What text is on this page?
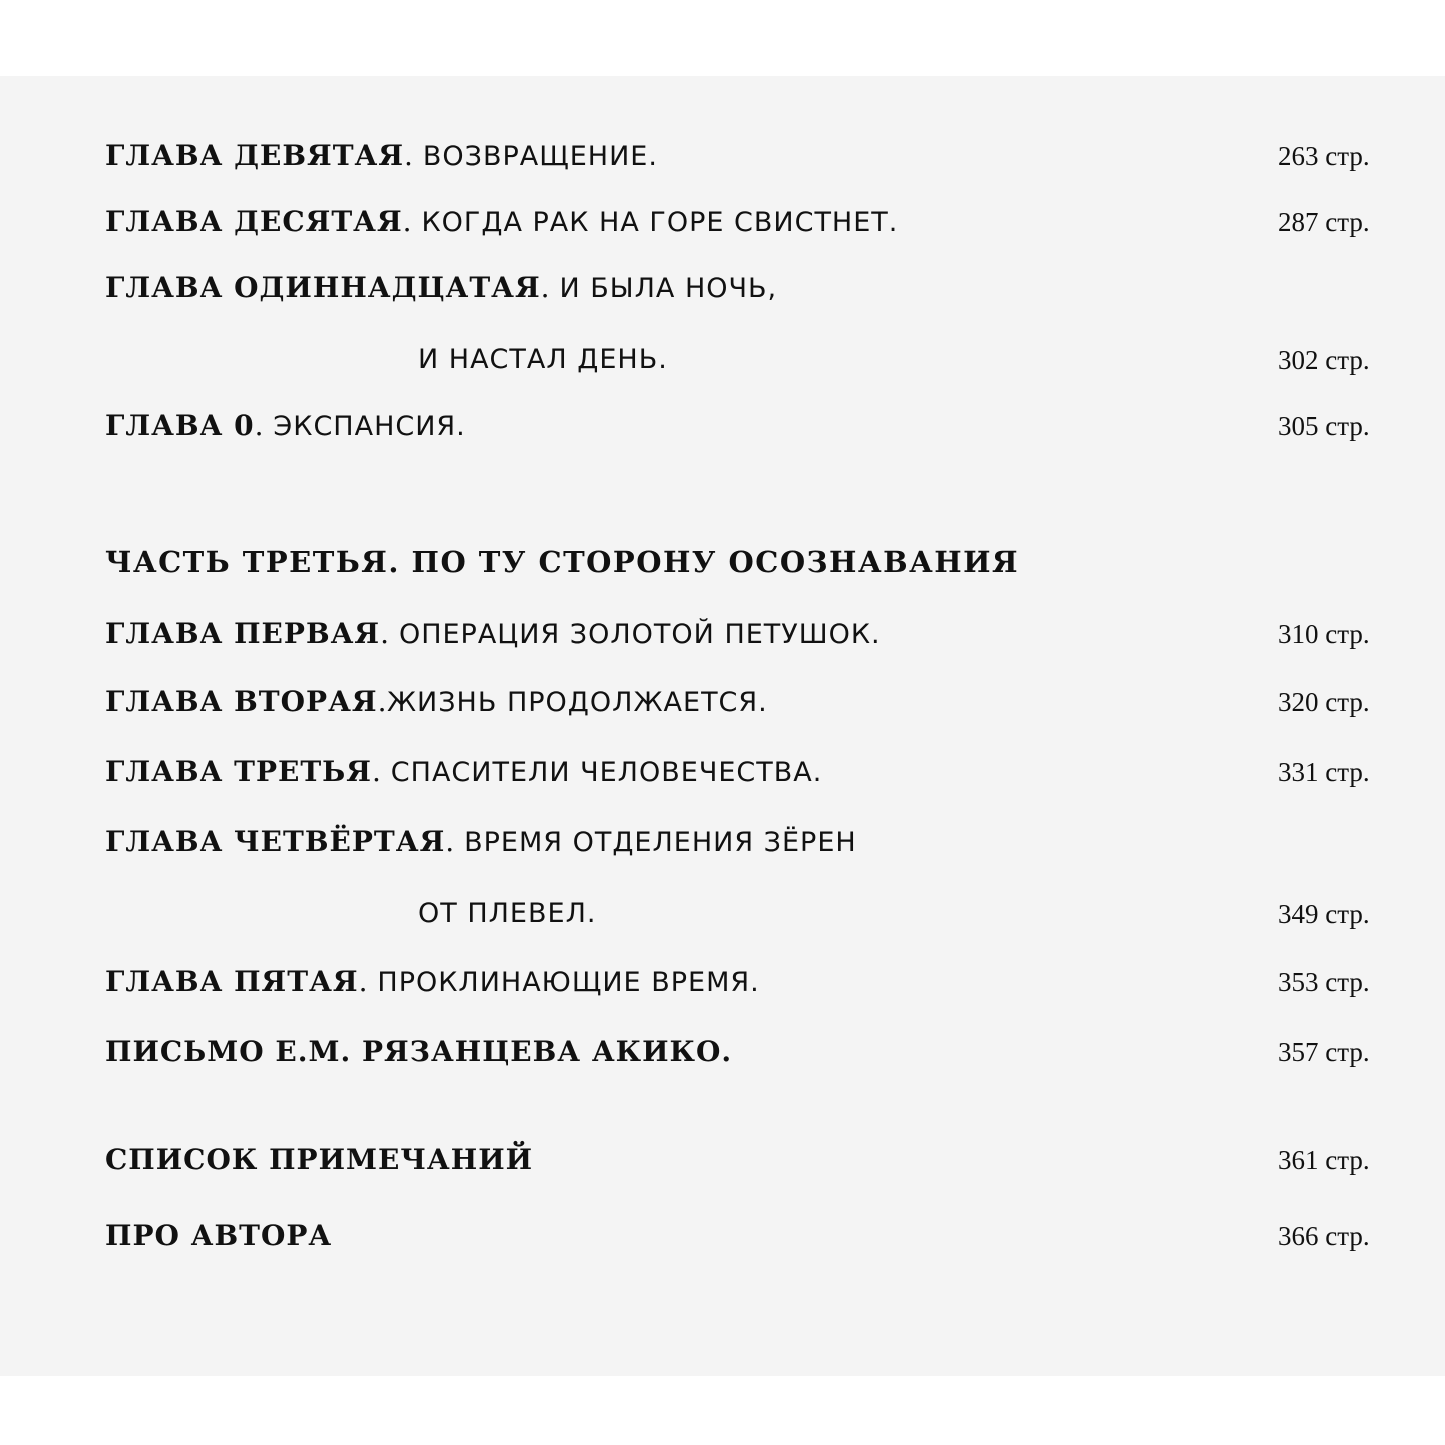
ГЛАВА ДЕВЯТАЯ. ВОЗВРАЩЕНИЕ.	263 стр.
ГЛАВА ДЕСЯТАЯ. КОГДА РАК НА ГОРЕ СВИСТНЕТ.	287 стр.
ГЛАВА ОДИННАДЦАТАЯ. И БЫЛА НОЧЬ,
И НАСТАЛ ДЕНЬ.	302 стр.
ГЛАВА 0. ЭКСПАНСИЯ.	305 стр.
ЧАСТЬ ТРЕТЬЯ. ПО ТУ СТОРОНУ ОСОЗНАВАНИЯ
ГЛАВА ПЕРВАЯ. ОПЕРАЦИЯ ЗОЛОТОЙ ПЕТУШОК.	310 стр.
ГЛАВА ВТОРАЯ.ЖИЗНЬ ПРОДОЛЖАЕТСЯ.	320 стр.
ГЛАВА ТРЕТЬЯ. СПАСИТЕЛИ ЧЕЛОВЕЧЕСТВА.	331 стр.
ГЛАВА ЧЕТВЁРТАЯ. ВРЕМЯ ОТДЕЛЕНИЯ ЗЁРЕН
ОТ ПЛЕВЕЛ.	349 стр.
ГЛАВА ПЯТАЯ. ПРОКЛИНАЮЩИЕ ВРЕМЯ.	353 стр.
ПИСЬМО Е.М. РЯЗАНЦЕВА АКИКО.	357 стр.
СПИСОК ПРИМЕЧАНИЙ	361 стр.
ПРО АВТОРА	366 стр.
